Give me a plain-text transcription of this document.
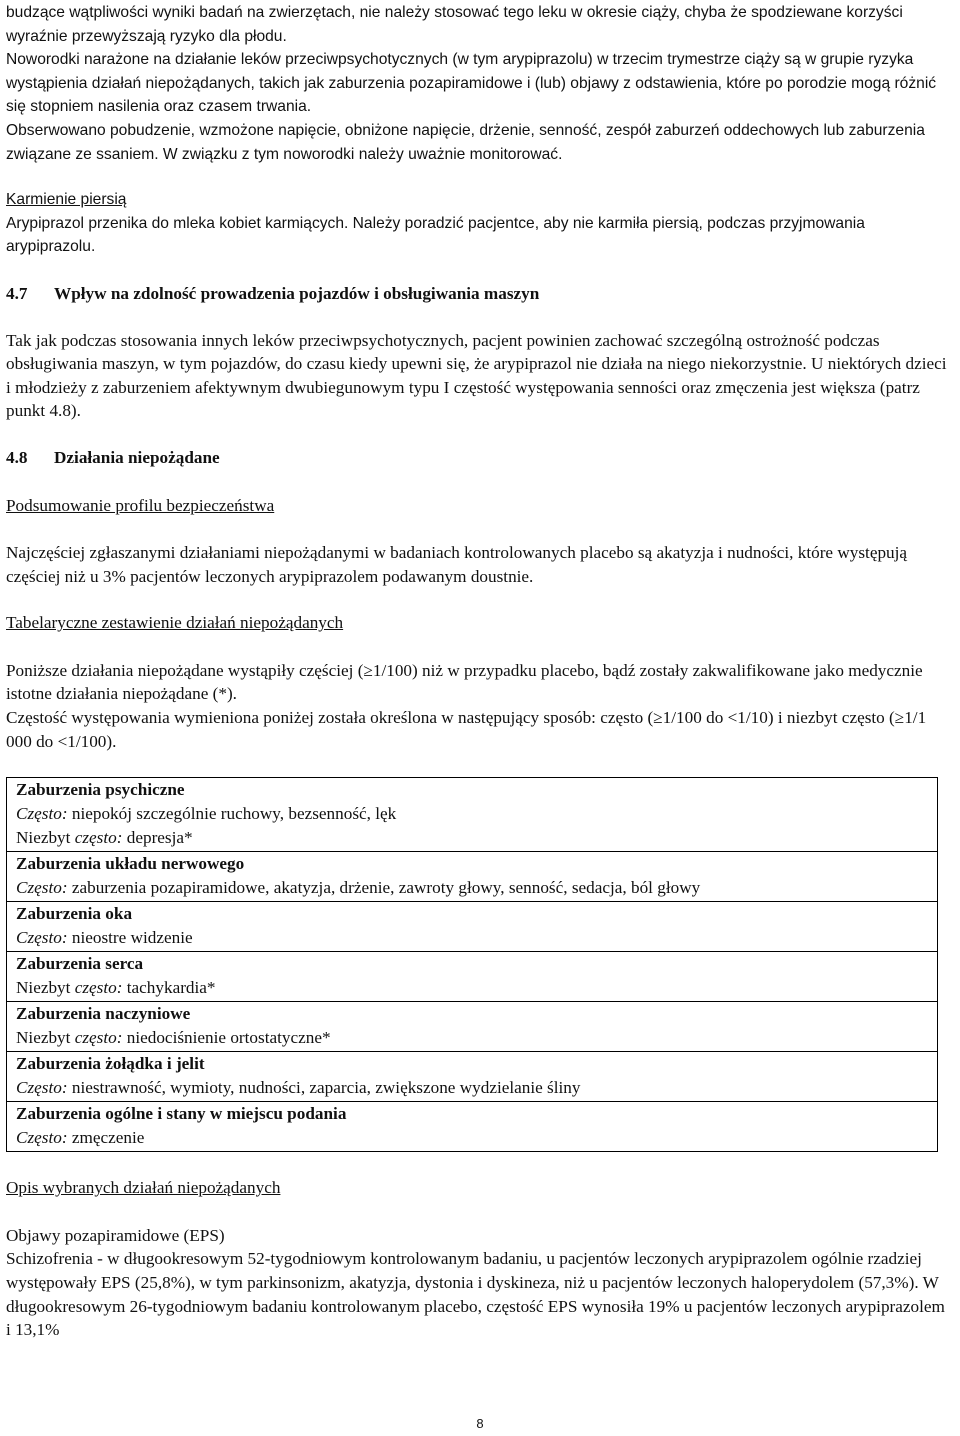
budzące wątpliwości wyniki badań na zwierzętach, nie należy stosować tego leku w okresie ciąży, chyba że spodziewane korzyści wyraźnie przewyższają ryzyko dla płodu.

Noworodki narażone na działanie leków przeciwpsychotycznych (w tym arypiprazolu) w trzecim trymestrze ciąży są w grupie ryzyka wystąpienia działań niepożądanych, takich jak zaburzenia pozapiramidowe i (lub) objawy z odstawienia, które po porodzie mogą różnić się stopniem nasilenia oraz czasem trwania.

Obserwowano pobudzenie, wzmożone napięcie, obniżone napięcie, drżenie, senność, zespół zaburzeń oddechowych lub zaburzenia związane ze ssaniem. W związku z tym noworodki należy uważnie monitorować.

Karmienie piersią

Arypiprazol przenika do mleka kobiet karmiących. Należy poradzić pacjentce, aby nie karmiła piersią, podczas przyjmowania arypiprazolu.

4.7	Wpływ na zdolność prowadzenia pojazdów i obsługiwania maszyn

Tak jak podczas stosowania innych leków przeciwpsychotycznych, pacjent powinien zachować szczególną ostrożność podczas obsługiwania maszyn, w tym pojazdów, do czasu kiedy upewni się, że arypiprazol nie działa na niego niekorzystnie. U niektórych dzieci i młodzieży z zaburzeniem afektywnym dwubiegunowym typu I częstość występowania senności oraz zmęczenia jest większa (patrz punkt 4.8).

4.8	Działania niepożądane

Podsumowanie profilu bezpieczeństwa

Najczęściej zgłaszanymi działaniami niepożądanymi w badaniach kontrolowanych placebo są akatyzja i nudności, które występują częściej niż u 3% pacjentów leczonych arypiprazolem podawanym doustnie.

Tabelaryczne zestawienie działań niepożądanych

Poniższe działania niepożądane wystąpiły częściej (≥1/100) niż w przypadku placebo, bądź zostały zakwalifikowane jako medycznie istotne działania niepożądane (*).

Częstość występowania wymieniona poniżej została określona w następujący sposób: często (≥1/100 do <1/10) i niezbyt często (≥1/1 000 do <1/100).

Zaburzenia psychiczne
Często: niepokój szczególnie ruchowy, bezsenność, lęk
Niezbyt często: depresja*

Zaburzenia układu nerwowego
Często: zaburzenia pozapiramidowe, akatyzja, drżenie, zawroty głowy, senność, sedacja, ból głowy

Zaburzenia oka
Często: nieostre widzenie

Zaburzenia serca
Niezbyt często: tachykardia*

Zaburzenia naczyniowe
Niezbyt często: niedociśnienie ortostatyczne*

Zaburzenia żołądka i jelit
Często: niestrawność, wymioty, nudności, zaparcia, zwiększone wydzielanie śliny

Zaburzenia ogólne i stany w miejscu podania
Często: zmęczenie

Opis wybranych działań niepożądanych

Objawy pozapiramidowe (EPS)

Schizofrenia - w długookresowym 52-tygodniowym kontrolowanym badaniu, u pacjentów leczonych arypiprazolem ogólnie rzadziej występowały EPS (25,8%), w tym parkinsonizm, akatyzja, dystonia i dyskineza, niż u pacjentów leczonych haloperydolem (57,3%). W długookresowym 26-tygodniowym badaniu kontrolowanym placebo, częstość EPS wynosiła 19% u pacjentów leczonych arypiprazolem i 13,1%

8
